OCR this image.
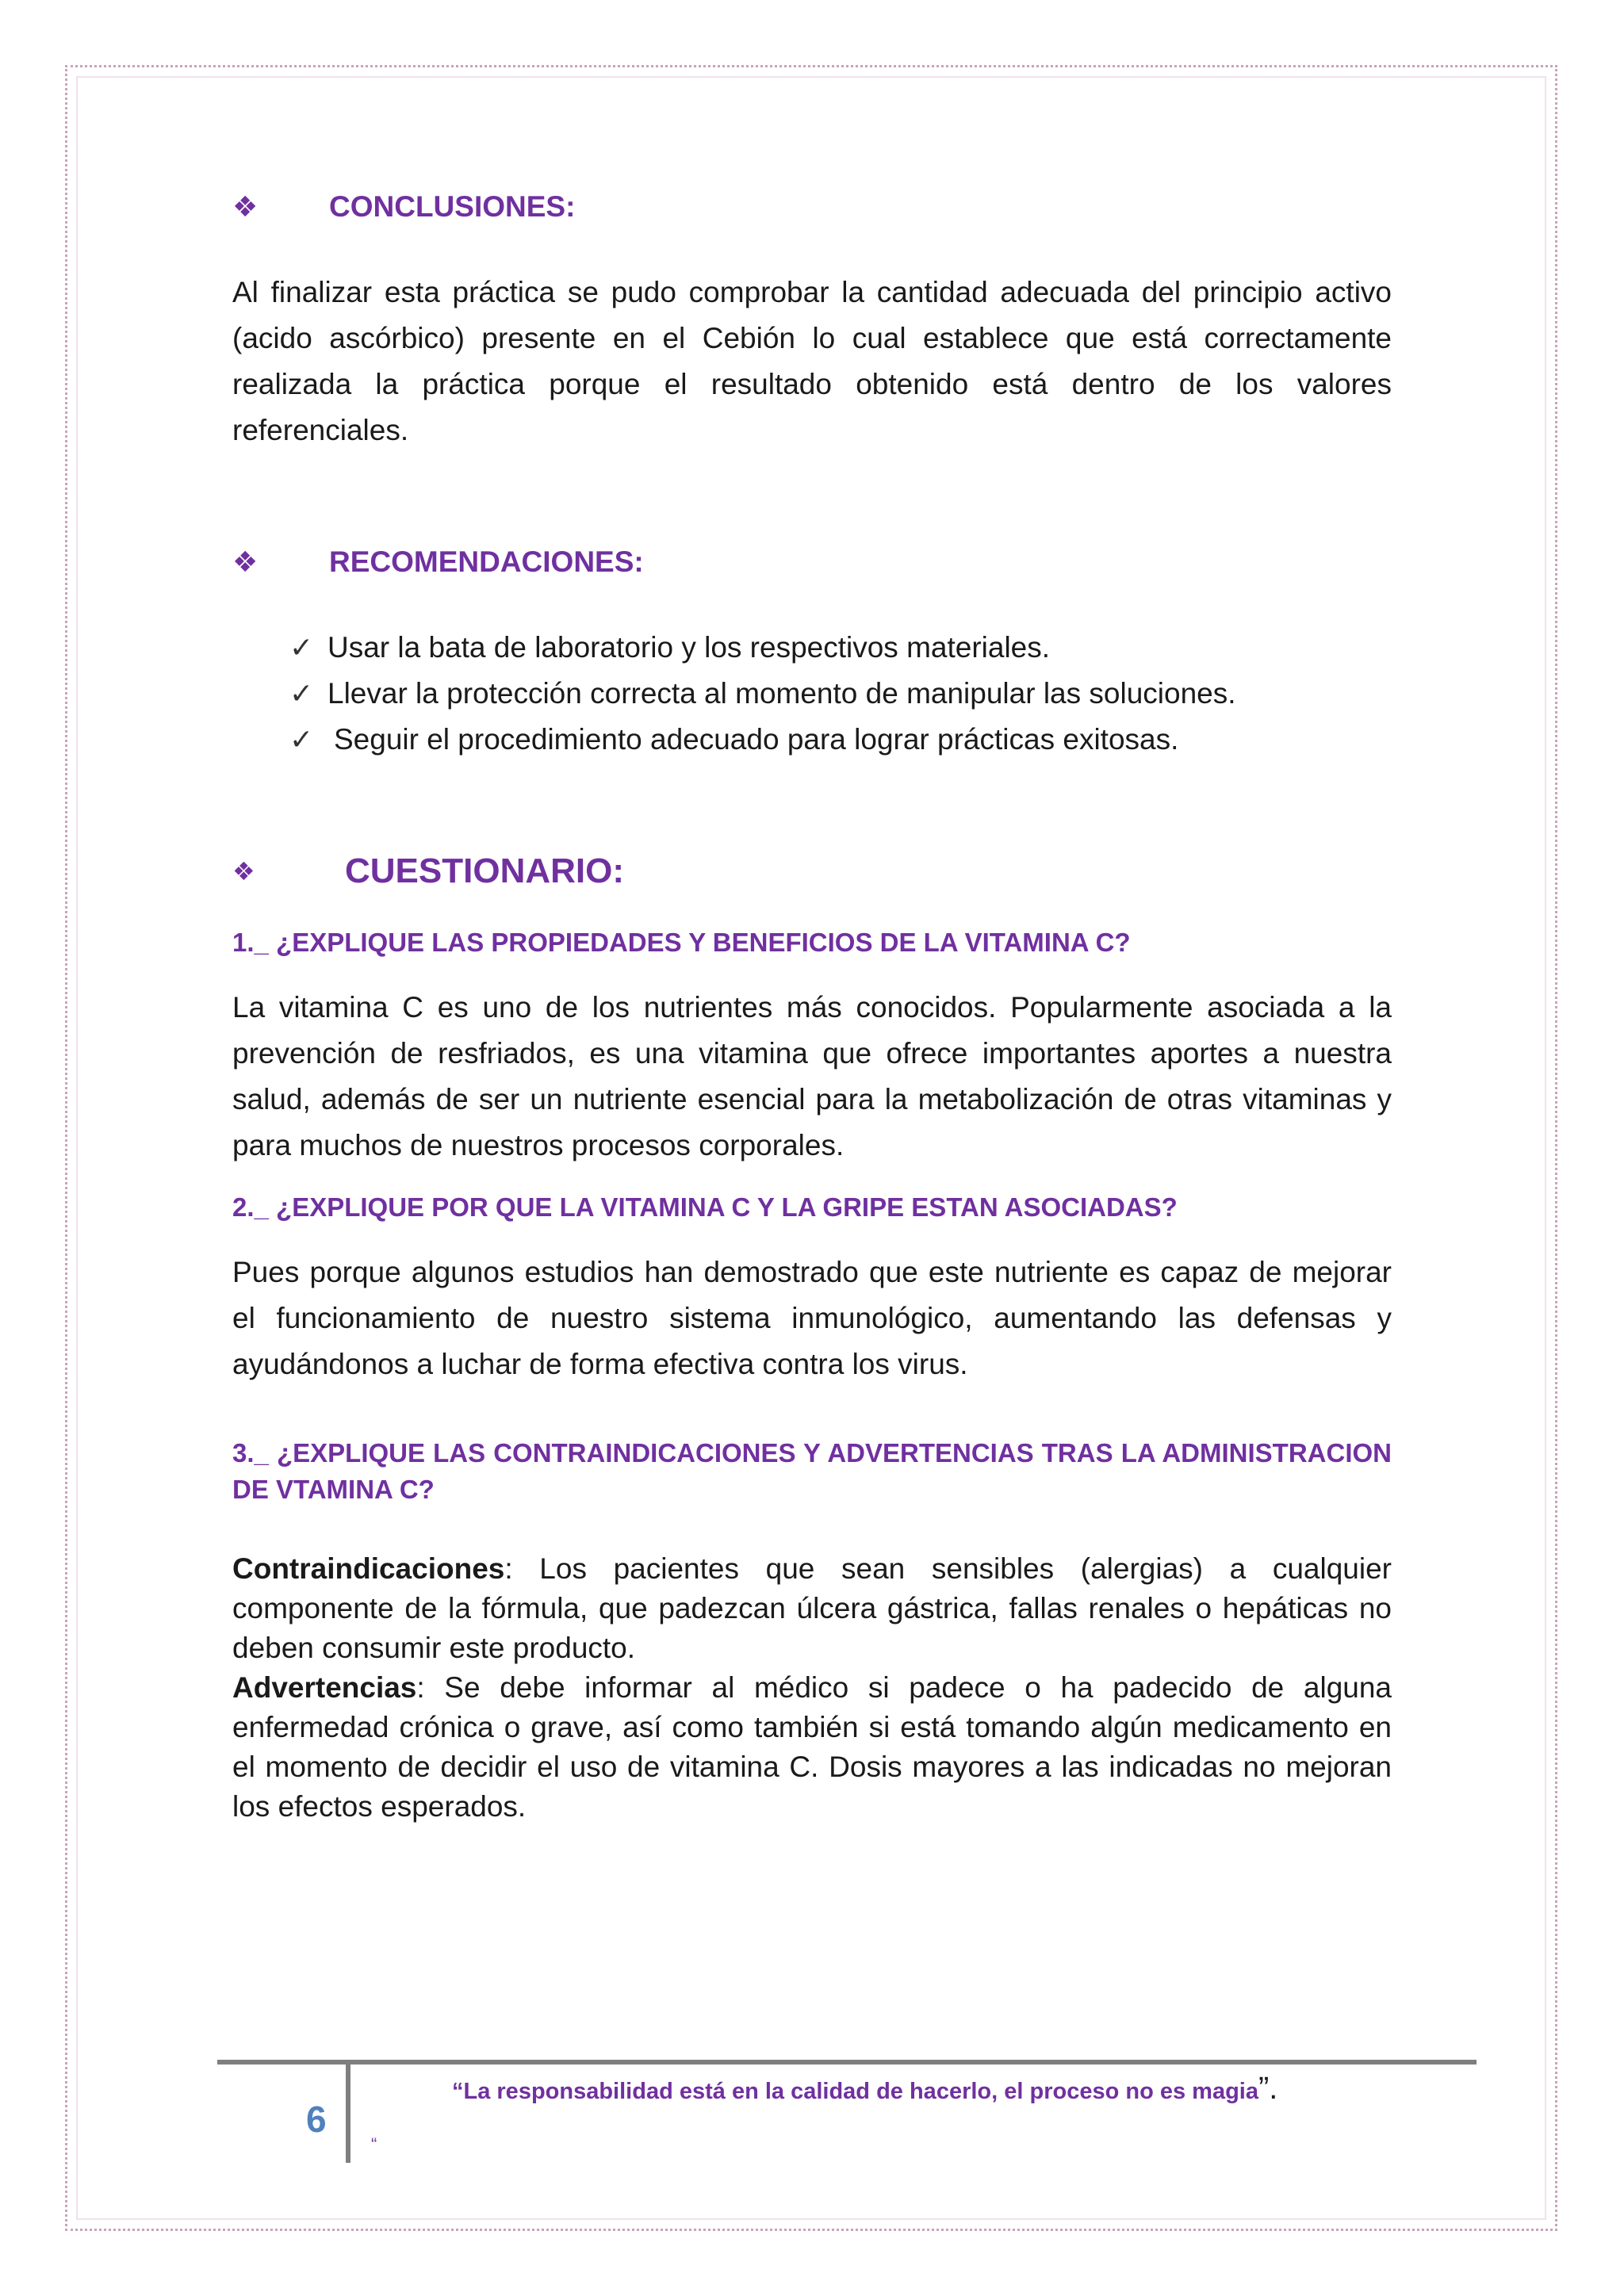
❖	CONCLUSIONES:

Al finalizar esta práctica se pudo comprobar la cantidad adecuada del principio activo (acido ascórbico) presente en el Cebión lo cual establece que está correctamente realizada la práctica porque el resultado obtenido está dentro de los valores referenciales.

❖	RECOMENDACIONES:
✓ Usar la bata de laboratorio y los respectivos materiales.
✓ Llevar la protección correcta al momento de manipular las soluciones.
✓ Seguir el procedimiento adecuado para lograr prácticas exitosas.
❖	CUESTIONARIO:

1._ ¿EXPLIQUE LAS PROPIEDADES Y BENEFICIOS DE LA VITAMINA C?

La vitamina C es uno de los nutrientes más conocidos. Popularmente asociada a la prevención de resfriados, es una vitamina que ofrece importantes aportes a nuestra salud, además de ser un nutriente esencial para la metabolización de otras vitaminas y para muchos de nuestros procesos corporales.

2._ ¿EXPLIQUE POR QUE LA VITAMINA C Y LA GRIPE ESTAN ASOCIADAS?

Pues porque algunos estudios han demostrado que este nutriente es capaz de mejorar el funcionamiento de nuestro sistema inmunológico, aumentando las defensas y ayudándonos a luchar de forma efectiva contra los virus.

3._ ¿EXPLIQUE LAS CONTRAINDICACIONES Y ADVERTENCIAS TRAS LA ADMINISTRACION DE VTAMINA C?

Contraindicaciones: Los pacientes que sean sensibles (alergias) a cualquier componente de la fórmula, que padezcan úlcera gástrica, fallas renales o hepáticas no deben consumir este producto.

Advertencias: Se debe informar al médico si padece o ha padecido de alguna enfermedad crónica o grave, así como también si está tomando algún medicamento en el momento de decidir el uso de vitamina C. Dosis mayores a las indicadas no mejoran los efectos esperados.

6
“La responsabilidad está en la calidad de hacerlo, el proceso no es magia”.
“
